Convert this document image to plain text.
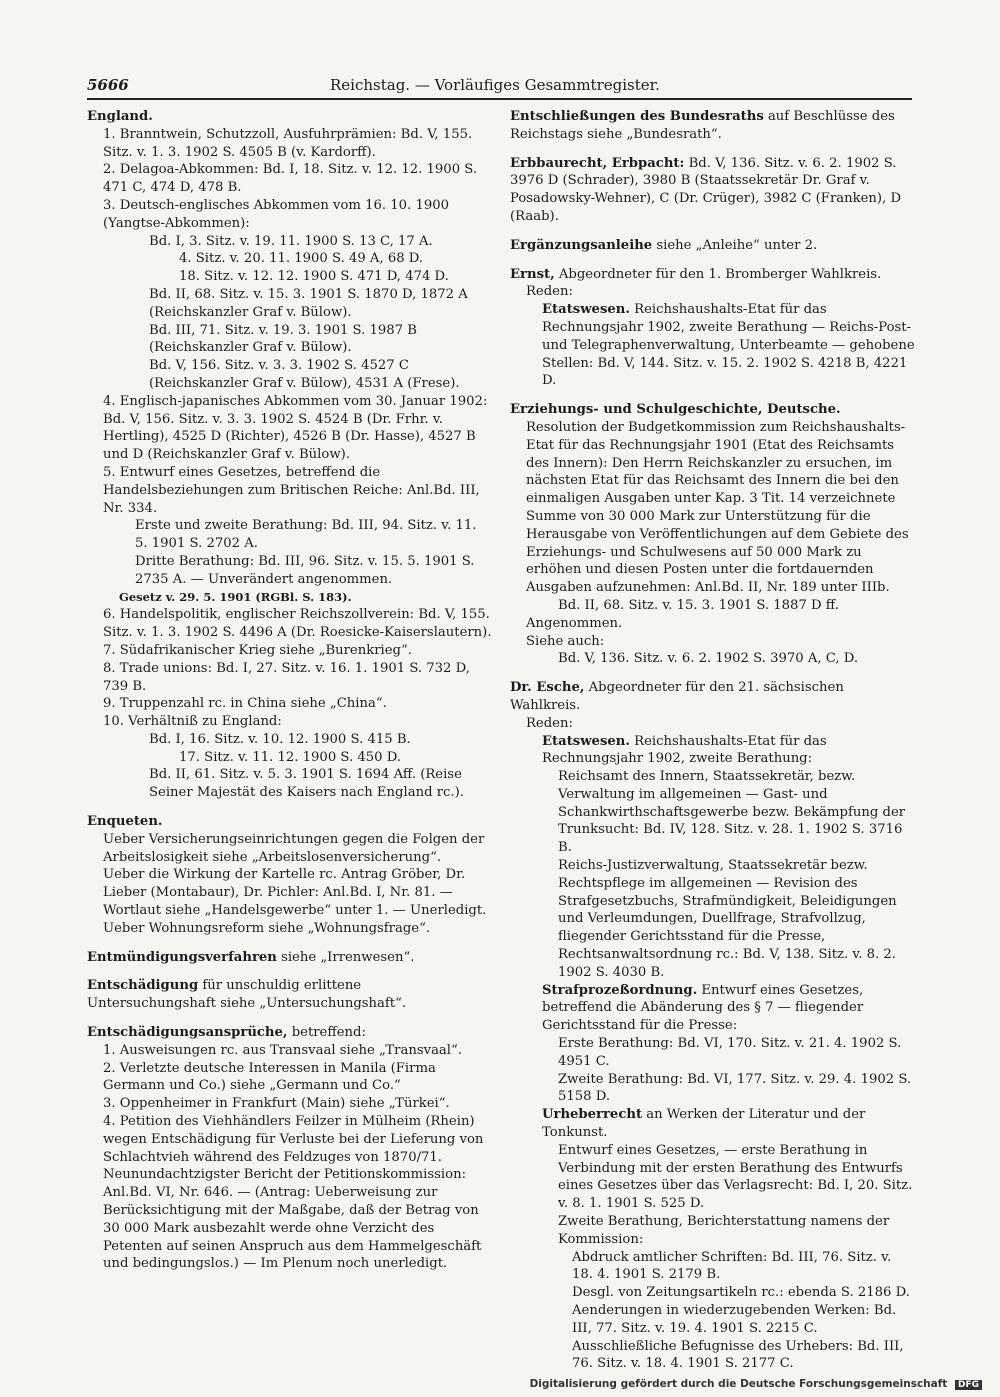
5666	Reichstag. — Vorläufiges Gesammtregister.

England.

1. Branntwein, Schutzzoll, Ausfuhrprämien: Bd. V, 155. Sitz. v. 1. 3. 1902 S. 4505 B (v. Kardorff).

2. Delagoa-Abkommen: Bd. I, 18. Sitz. v. 12. 12. 1900 S. 471 C, 474 D, 478 B.

3. Deutsch-englisches Abkommen vom 16. 10. 1900 (Yangtse-Abkommen):

Bd. I, 3. Sitz. v. 19. 11. 1900 S. 13 C, 17 A.

4. Sitz. v. 20. 11. 1900 S. 49 A, 68 D.

18. Sitz. v. 12. 12. 1900 S. 471 D, 474 D.

Bd. II, 68. Sitz. v. 15. 3. 1901 S. 1870 D, 1872 A (Reichskanzler Graf v. Bülow).

Bd. III, 71. Sitz. v. 19. 3. 1901 S. 1987 B (Reichskanzler Graf v. Bülow).

Bd. V, 156. Sitz. v. 3. 3. 1902 S. 4527 C (Reichskanzler Graf v. Bülow), 4531 A (Frese).

4. Englisch-japanisches Abkommen vom 30. Januar 1902: Bd. V, 156. Sitz. v. 3. 3. 1902 S. 4524 B (Dr. Frhr. v. Hertling), 4525 D (Richter), 4526 B (Dr. Hasse), 4527 B und D (Reichskanzler Graf v. Bülow).

5. Entwurf eines Gesetzes, betreffend die Handelsbeziehungen zum Britischen Reiche: Anl.Bd. III, Nr. 334.

Erste und zweite Berathung: Bd. III, 94. Sitz. v. 11. 5. 1901 S. 2702 A.

Dritte Berathung: Bd. III, 96. Sitz. v. 15. 5. 1901 S. 2735 A. — Unverändert angenommen.

Gesetz v. 29. 5. 1901 (RGBl. S. 183).

6. Handelspolitik, englischer Reichszollverein: Bd. V, 155. Sitz. v. 1. 3. 1902 S. 4496 A (Dr. Roesicke-Kaiserslautern).

7. Südafrikanischer Krieg siehe „Burenkrieg“.

8. Trade unions: Bd. I, 27. Sitz. v. 16. 1. 1901 S. 732 D, 739 B.

9. Truppenzahl rc. in China siehe „China“.

10. Verhältniß zu England:

Bd. I, 16. Sitz. v. 10. 12. 1900 S. 415 B.

17. Sitz. v. 11. 12. 1900 S. 450 D.

Bd. II, 61. Sitz. v. 5. 3. 1901 S. 1694 Aff. (Reise Seiner Majestät des Kaisers nach England rc.).

Enqueten.

Ueber Versicherungseinrichtungen gegen die Folgen der Arbeitslosigkeit siehe „Arbeitslosenversicherung“.

Ueber die Wirkung der Kartelle rc. Antrag Gröber, Dr. Lieber (Montabaur), Dr. Pichler: Anl.Bd. I, Nr. 81. — Wortlaut siehe „Handelsgewerbe“ unter 1. — Unerledigt.

Ueber Wohnungsreform siehe „Wohnungsfrage“.

Entmündigungsverfahren siehe „Irrenwesen“.

Entschädigung für unschuldig erlittene Untersuchungshaft siehe „Untersuchungshaft“.

Entschädigungsansprüche, betreffend:

1. Ausweisungen rc. aus Transvaal siehe „Transvaal“.

2. Verletzte deutsche Interessen in Manila (Firma Germann und Co.) siehe „Germann und Co.“

3. Oppenheimer in Frankfurt (Main) siehe „Türkei“.

4. Petition des Viehhändlers Feilzer in Mülheim (Rhein) wegen Entschädigung für Verluste bei der Lieferung von Schlachtvieh während des Feldzuges von 1870/71. Neunundachtzigster Bericht der Petitionskommission: Anl.Bd. VI, Nr. 646. — (Antrag: Ueberweisung zur Berücksichtigung mit der Maßgabe, daß der Betrag von 30 000 Mark ausbezahlt werde ohne Verzicht des Petenten auf seinen Anspruch aus dem Hammelgeschäft und bedingungslos.) — Im Plenum noch unerledigt.

Entschließungen des Bundesraths auf Beschlüsse des Reichstags siehe „Bundesrath“.

Erbbaurecht, Erbpacht: Bd. V, 136. Sitz. v. 6. 2. 1902 S. 3976 D (Schrader), 3980 B (Staatssekretär Dr. Graf v. Posadowsky-Wehner), C (Dr. Crüger), 3982 C (Franken), D (Raab).

Ergänzungsanleihe siehe „Anleihe“ unter 2.

Ernst, Abgeordneter für den 1. Bromberger Wahlkreis.

Reden:

Etatswesen. Reichshaushalts-Etat für das Rechnungsjahr 1902, zweite Berathung — Reichs-Post- und Telegraphenverwaltung, Unterbeamte — gehobene Stellen: Bd. V, 144. Sitz. v. 15. 2. 1902 S. 4218 B, 4221 D.

Erziehungs- und Schulgeschichte, Deutsche.

Resolution der Budgetkommission zum Reichshaushalts-Etat für das Rechnungsjahr 1901 (Etat des Reichsamts des Innern): Den Herrn Reichskanzler zu ersuchen, im nächsten Etat für das Reichsamt des Innern die bei den einmaligen Ausgaben unter Kap. 3 Tit. 14 verzeichnete Summe von 30 000 Mark zur Unterstützung für die Herausgabe von Veröffentlichungen auf dem Gebiete des Erziehungs- und Schulwesens auf 50 000 Mark zu erhöhen und diesen Posten unter die fortdauernden Ausgaben aufzunehmen: Anl.Bd. II, Nr. 189 unter IIIb.

Bd. II, 68. Sitz. v. 15. 3. 1901 S. 1887 D ff.

Angenommen.

Siehe auch:

Bd. V, 136. Sitz. v. 6. 2. 1902 S. 3970 A, C, D.

Dr. Esche, Abgeordneter für den 21. sächsischen Wahlkreis.

Reden:

Etatswesen. Reichshaushalts-Etat für das Rechnungsjahr 1902, zweite Berathung:

Reichsamt des Innern, Staatssekretär, bezw. Verwaltung im allgemeinen — Gast- und Schankwirthschaftsgewerbe bezw. Bekämpfung der Trunksucht: Bd. IV, 128. Sitz. v. 28. 1. 1902 S. 3716 B.

Reichs-Justizverwaltung, Staatssekretär bezw. Rechtspflege im allgemeinen — Revision des Strafgesetzbuchs, Strafmündigkeit, Beleidigungen und Verleumdungen, Duellfrage, Strafvollzug, fliegender Gerichtsstand für die Presse, Rechtsanwaltsordnung rc.: Bd. V, 138. Sitz. v. 8. 2. 1902 S. 4030 B.

Strafprozeßordnung. Entwurf eines Gesetzes, betreffend die Abänderung des § 7 — fliegender Gerichtsstand für die Presse:

Erste Berathung: Bd. VI, 170. Sitz. v. 21. 4. 1902 S. 4951 C.

Zweite Berathung: Bd. VI, 177. Sitz. v. 29. 4. 1902 S. 5158 D.

Urheberrecht an Werken der Literatur und der Tonkunst.

Entwurf eines Gesetzes, — erste Berathung in Verbindung mit der ersten Berathung des Entwurfs eines Gesetzes über das Verlagsrecht: Bd. I, 20. Sitz. v. 8. 1. 1901 S. 525 D.

Zweite Berathung, Berichterstattung namens der Kommission:

Abdruck amtlicher Schriften: Bd. III, 76. Sitz. v. 18. 4. 1901 S. 2179 B.

Desgl. von Zeitungsartikeln rc.: ebenda S. 2186 D.

Aenderungen in wiederzugebenden Werken: Bd. III, 77. Sitz. v. 19. 4. 1901 S. 2215 C.

Ausschließliche Befugnisse des Urhebers: Bd. III, 76. Sitz. v. 18. 4. 1901 S. 2177 C.

Digitalisierung gefördert durch die Deutsche Forschungsgemeinschaft DFG
